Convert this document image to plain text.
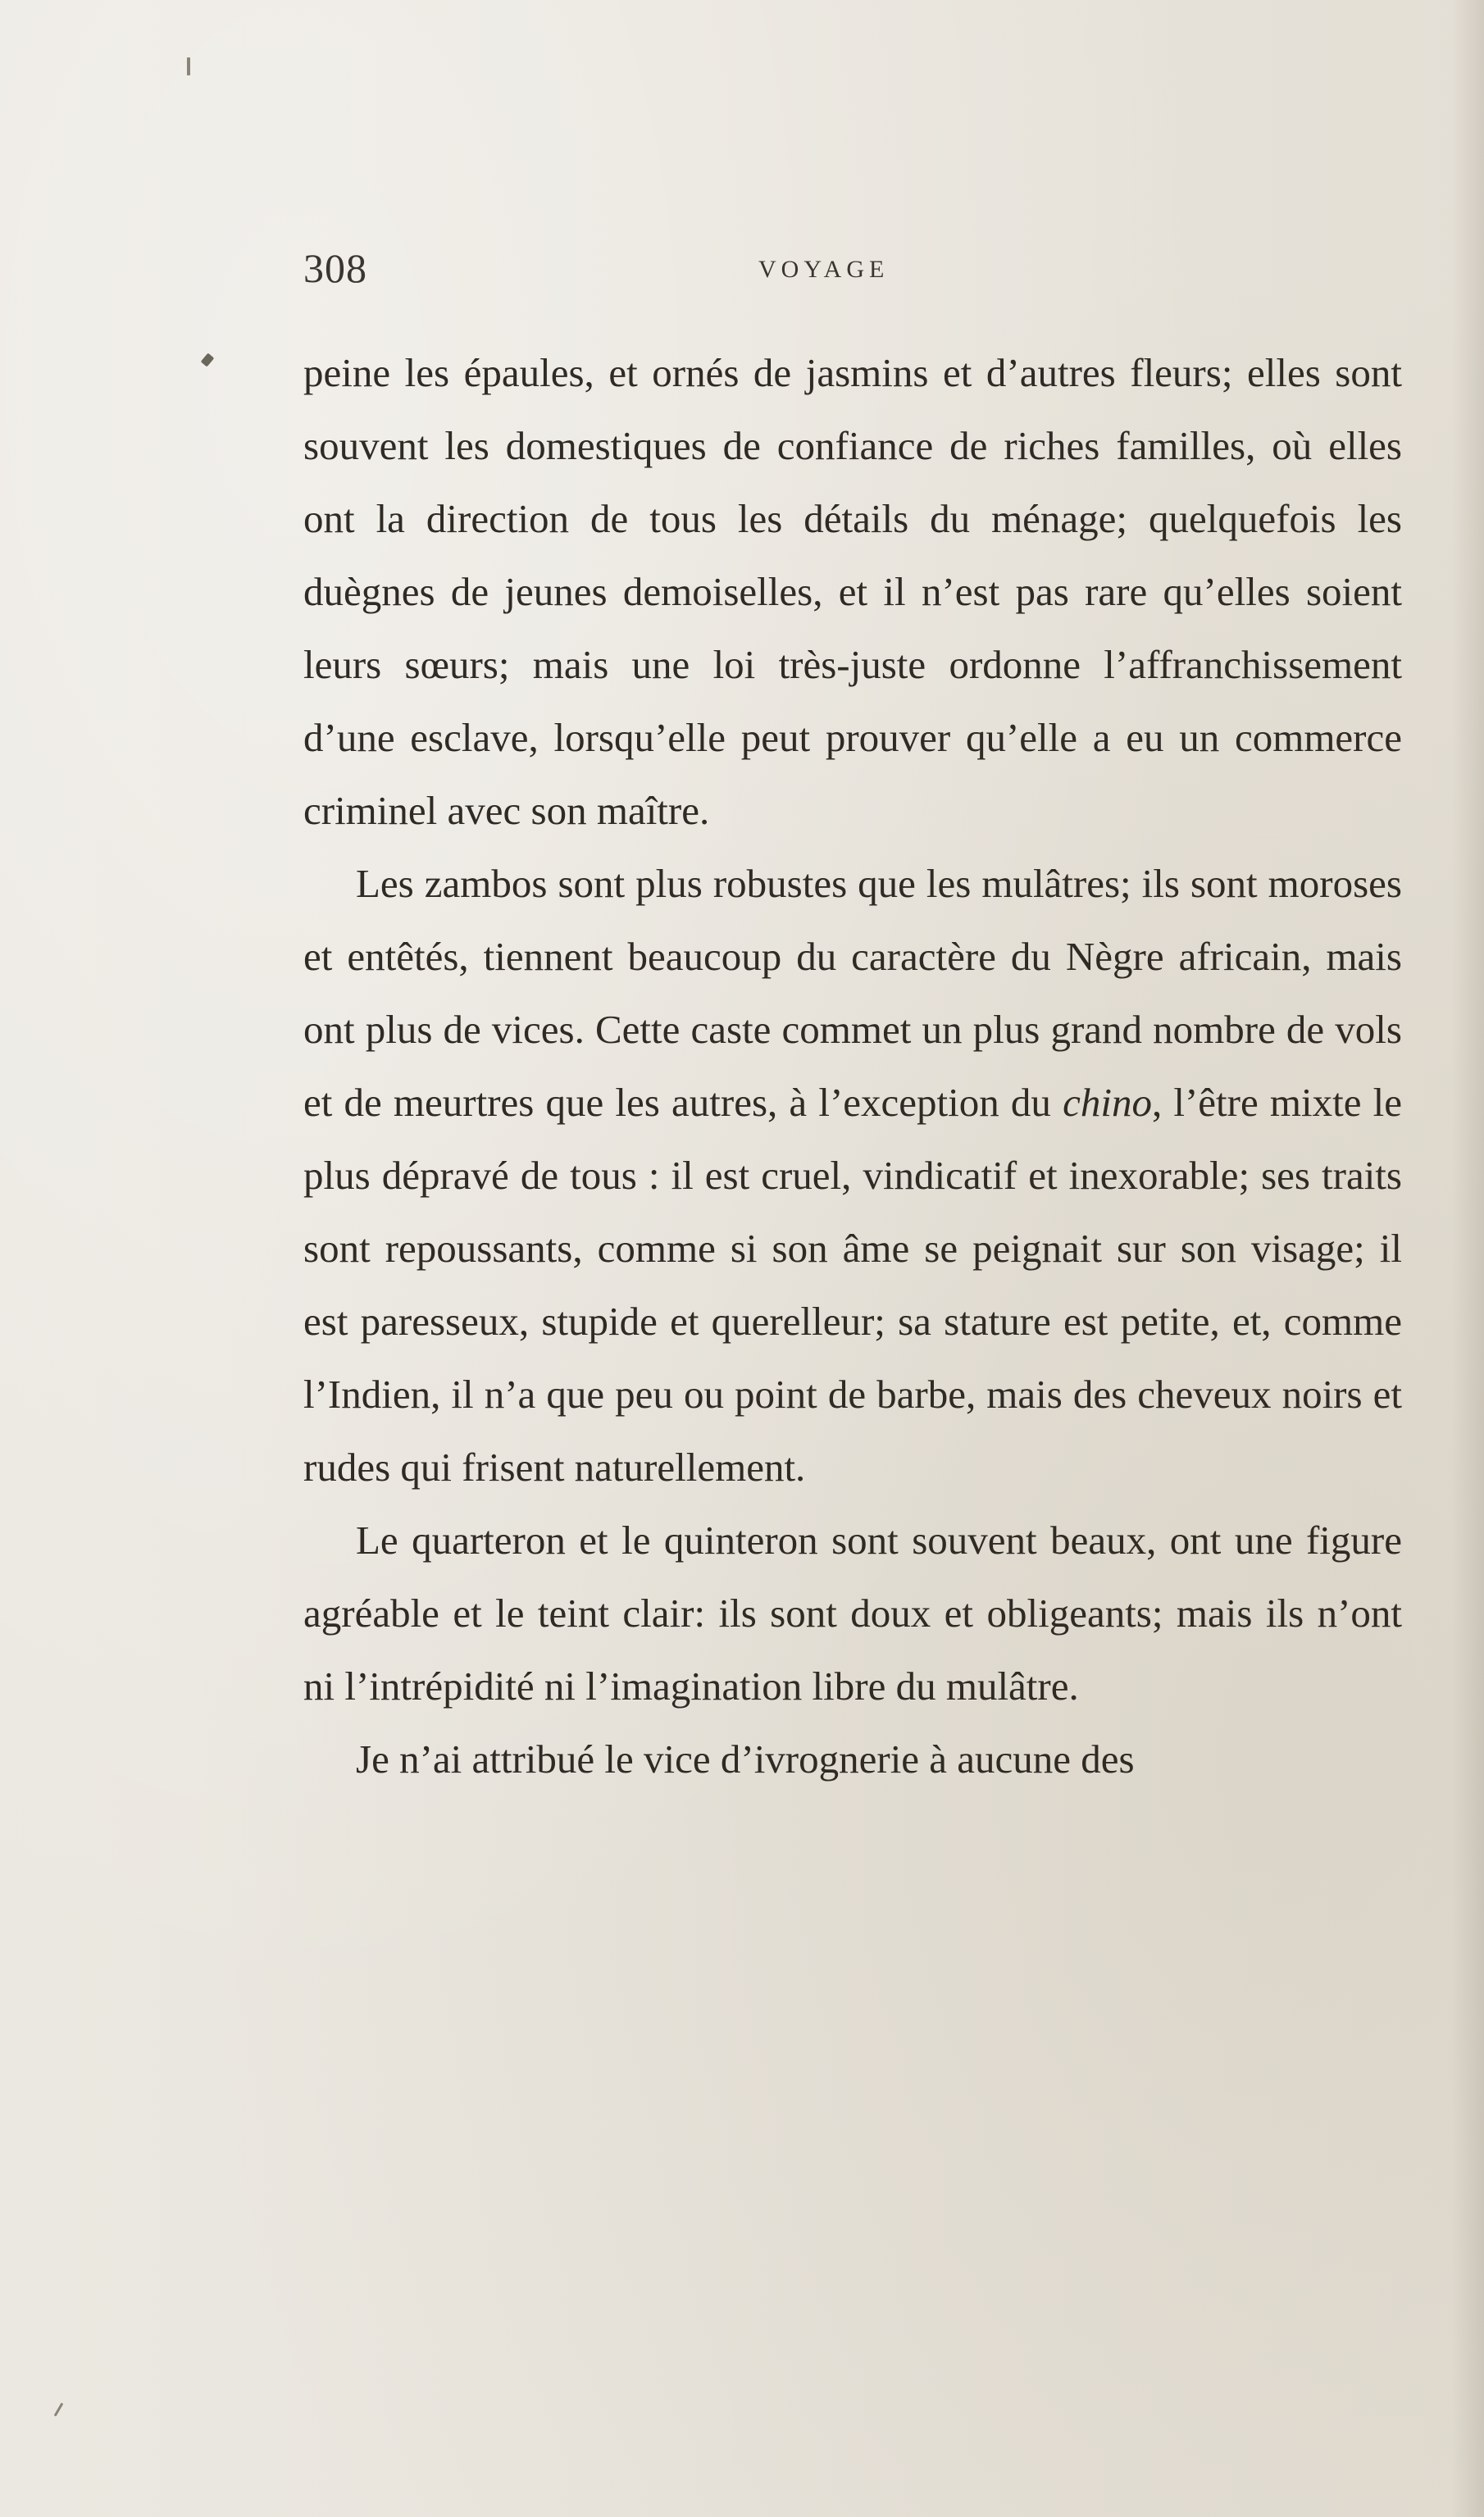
308	VOYAGE

peine les épaules, et ornés de jasmins et d’autres fleurs; elles sont souvent les domestiques de confiance de riches familles, où elles ont la direction de tous les détails du ménage; quelquefois les duègnes de jeunes demoiselles, et il n’est pas rare qu’elles soient leurs sœurs; mais une loi très-juste ordonne l’affranchissement d’une esclave, lorsqu’elle peut prouver qu’elle a eu un commerce criminel avec son maître.

Les zambos sont plus robustes que les mulâtres; ils sont moroses et entêtés, tiennent beaucoup du caractère du Nègre africain, mais ont plus de vices. Cette caste commet un plus grand nombre de vols et de meurtres que les autres, à l’exception du chino, l’être mixte le plus dépravé de tous : il est cruel, vindicatif et inexorable; ses traits sont repoussants, comme si son âme se peignait sur son visage; il est paresseux, stupide et querelleur; sa stature est petite, et, comme l’Indien, il n’a que peu ou point de barbe, mais des cheveux noirs et rudes qui frisent naturellement.

Le quarteron et le quinteron sont souvent beaux, ont une figure agréable et le teint clair: ils sont doux et obligeants; mais ils n’ont ni l’intrépidité ni l’imagination libre du mulâtre.

Je n’ai attribué le vice d’ivrognerie à aucune des
